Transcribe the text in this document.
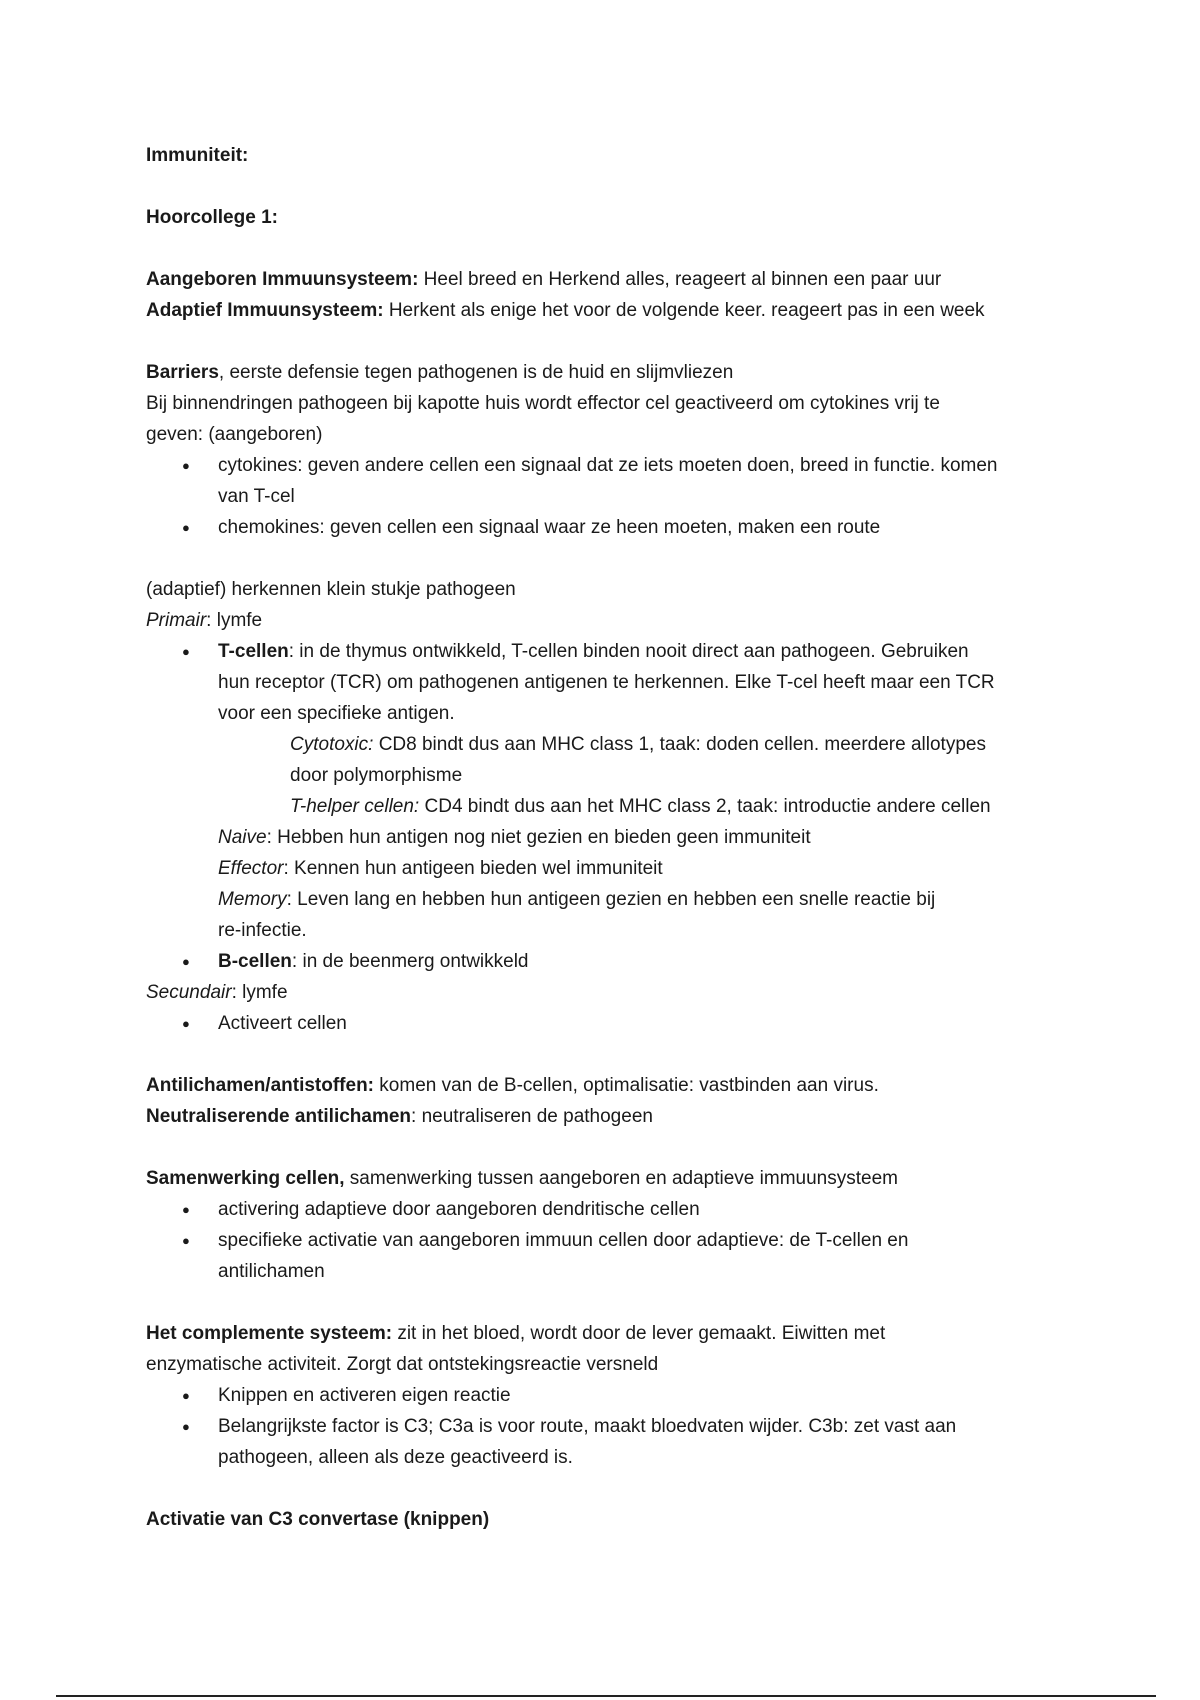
Immuniteit:

Hoorcollege 1:

Aangeboren Immuunsysteem: Heel breed en Herkend alles, reageert al binnen een paar uur

Adaptief Immuunsysteem: Herkent als enige het voor de volgende keer. reageert pas in een week

Barriers, eerste defensie tegen pathogenen is de huid en slijmvliezen

Bij binnendringen pathogeen bij kapotte huis wordt effector cel geactiveerd om cytokines vrij te

geven: (aangeboren)

● cytokines: geven andere cellen een signaal dat ze iets moeten doen, breed in functie. komen
van T-cel
● chemokines: geven cellen een signaal waar ze heen moeten, maken een route

(adaptief) herkennen klein stukje pathogeen

Primair: lymfe

● T-cellen: in de thymus ontwikkeld, T-cellen binden nooit direct aan pathogeen. Gebruiken
hun receptor (TCR) om pathogenen antigenen te herkennen. Elke T-cel heeft maar een TCR
voor een specifieke antigen.
Cytotoxic: CD8 bindt dus aan MHC class 1, taak: doden cellen. meerdere allotypes
door polymorphisme
T-helper cellen: CD4 bindt dus aan het MHC class 2, taak: introductie andere cellen
Naive: Hebben hun antigen nog niet gezien en bieden geen immuniteit
Effector: Kennen hun antigeen bieden wel immuniteit
Memory: Leven lang en hebben hun antigeen gezien en hebben een snelle reactie bij
re-infectie.
● B-cellen: in de beenmerg ontwikkeld

Secundair: lymfe

● Activeert cellen

Antilichamen/antistoffen: komen van de B-cellen, optimalisatie: vastbinden aan virus.

Neutraliserende antilichamen: neutraliseren de pathogeen

Samenwerking cellen, samenwerking tussen aangeboren en adaptieve immuunsysteem

● activering adaptieve door aangeboren dendritische cellen
● specifieke activatie van aangeboren immuun cellen door adaptieve: de T-cellen en
antilichamen

Het complemente systeem: zit in het bloed, wordt door de lever gemaakt. Eiwitten met

enzymatische activiteit. Zorgt dat ontstekingsreactie versneld

● Knippen en activeren eigen reactie
● Belangrijkste factor is C3; C3a is voor route, maakt bloedvaten wijder. C3b: zet vast aan
pathogeen, alleen als deze geactiveerd is.

Activatie van C3 convertase (knippen)
